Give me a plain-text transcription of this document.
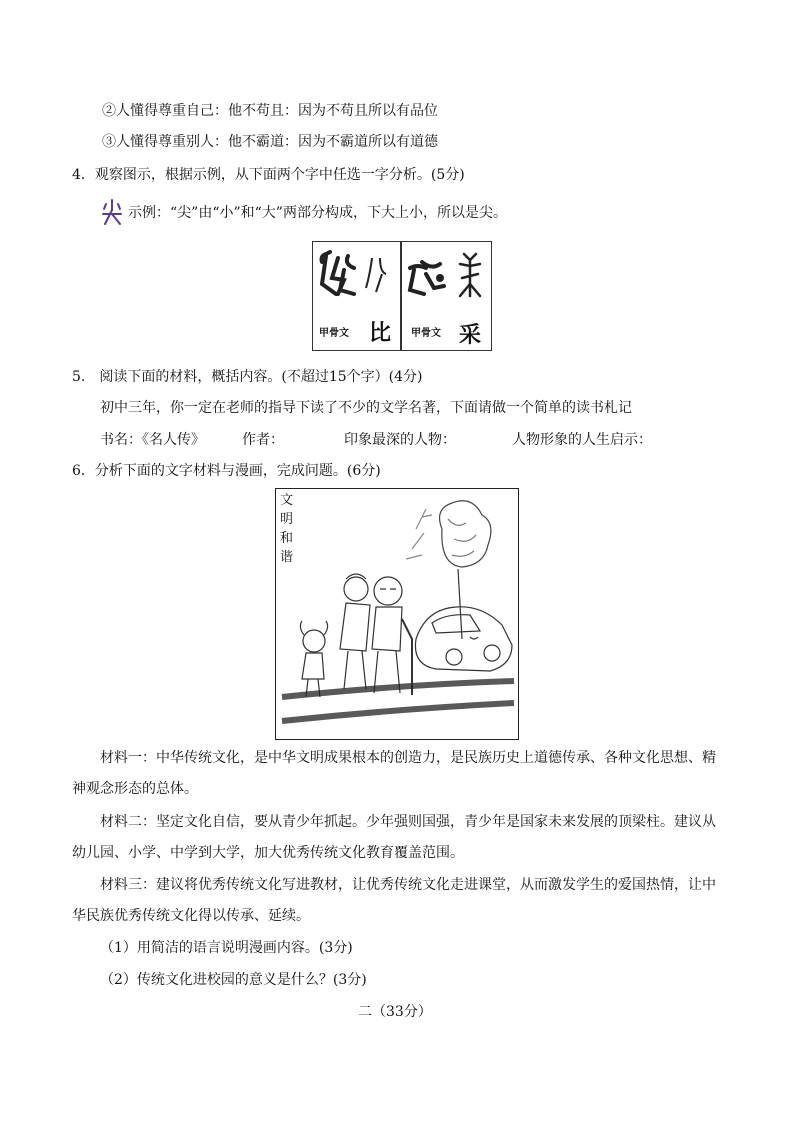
②人懂得尊重自己：他不苟且：因为不苟且所以有品位
③人懂得尊重别人：他不霸道：因为不霸道所以有道德
4．观察图示，根据示例，从下面两个字中任选一字分析。(5分)
示例：“尖”由“小”和“大”两部分构成，下大上小，所以是尖。
甲骨文 比 甲骨文 采
5.　阅读下面的材料，概括内容。(不超过15个字）(4分)
初中三年，你一定在老师的指导下读了不少的文学名著，下面请做一个简单的读书札记
书名：《名人传》	作者：	印象最深的人物：	人物形象的人生启示：
6．分析下面的文字材料与漫画，完成问题。(6分)
文明和谐
材料一：中华传统文化，是中华文明成果根本的创造力，是民族历史上道德传承、各种文化思想、精
神观念形态的总体。
材料二：坚定文化自信，要从青少年抓起。少年强则国强，青少年是国家未来发展的顶梁柱。建议从
幼儿园、小学、中学到大学，加大优秀传统文化教育覆盖范围。
材料三：建议将优秀传统文化写进教材，让优秀传统文化走进课堂，从而激发学生的爱国热情，让中
华民族优秀传统文化得以传承、延续。
（1）用简洁的语言说明漫画内容。(3分)
（2）传统文化进校园的意义是什么？(3分)
二（33分）
